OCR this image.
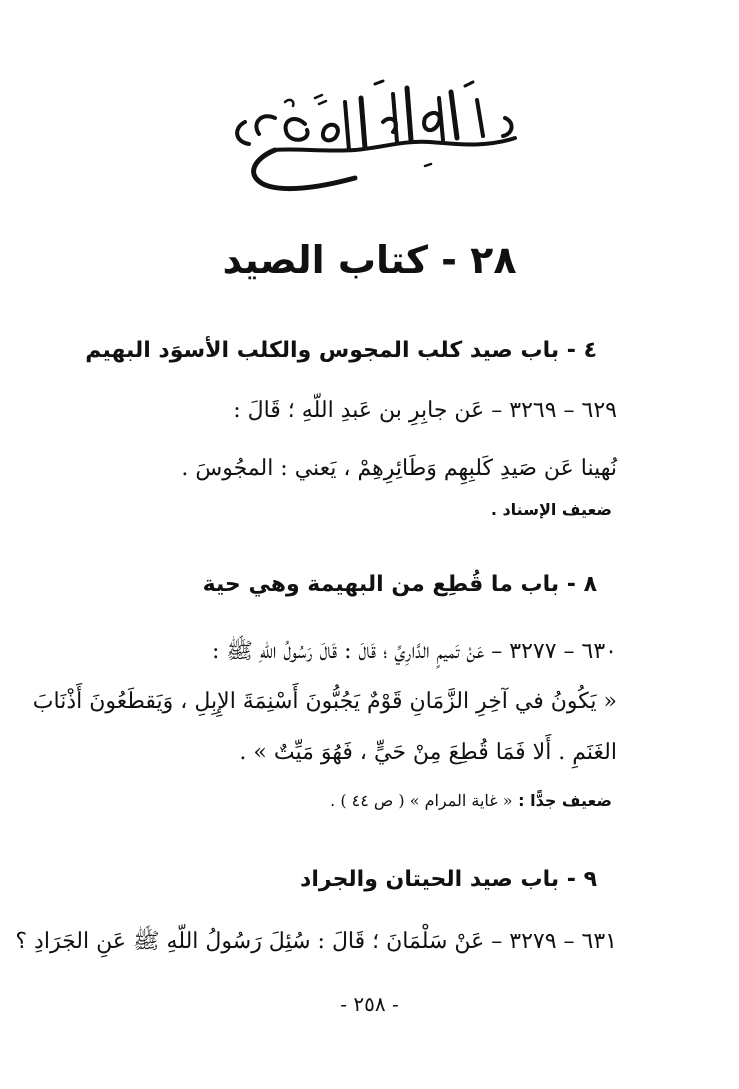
٢٨ - كتاب الصيد
٤ - باب صيد كلب المجوس والكلب الأسوَد البهيم
٦٢٩ – ٣٢٦٩ – عَن جابِرِ بن عَبدِ اللّهِ ؛ قَالَ :
نُهينا عَن صَيدِ كَلبِهِم وَطَائِرِهِمْ ، يَعني : المجُوسَ .
ضعيف الإسناد .
٨ - باب ما قُطِع من البهيمة وهي حية
٦٣٠ – ٣٢٧٧ – عَنْ تَميمٍ الدَّارِيِّ ؛ قَالَ : قَالَ رَسُولُ اللّهِ ﷺ :
« يَكُونُ في آخِرِ الزَّمَانِ قَوْمٌ يَجُبُّونَ أَسْنِمَةَ الإِبِلِ ، وَيَقطَعُونَ أَذْنَابَ
الغَنَمِ . أَلا فَمَا قُطِعَ مِنْ حَيٍّ ، فَهُوَ مَيِّتٌ » .
ضعيف جدًّا : « غاية المرام » ( ص ٤٤ ) .
٩ - باب صيد الحيتان والجراد
٦٣١ – ٣٢٧٩ – عَنْ سَلْمَانَ ؛ قَالَ : سُئِلَ رَسُولُ اللّهِ ﷺ عَنِ الجَرَادِ ؟
- ٢٥٨ -
